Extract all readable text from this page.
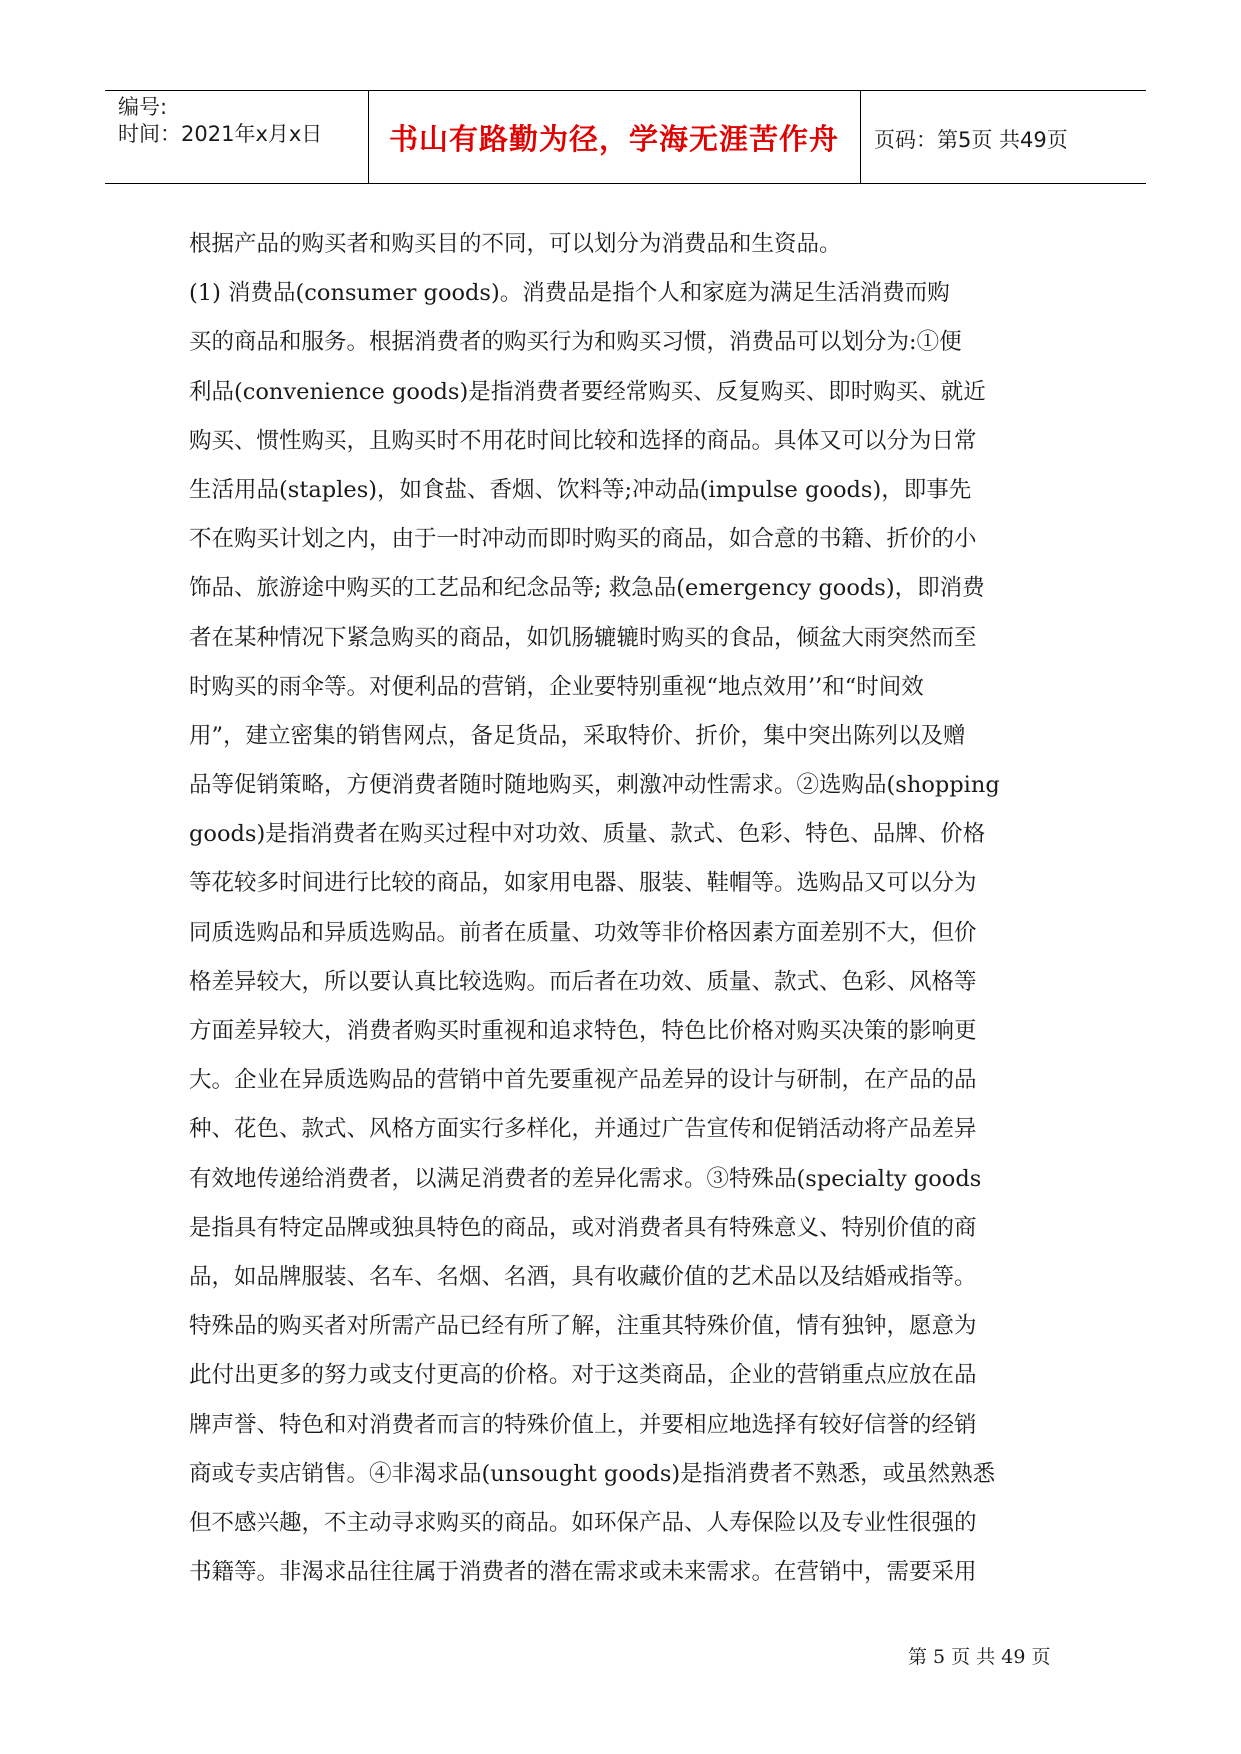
编号:
时间：2021年x月x日	书山有路勤为径，学海无涯苦作舟	页码：第5页 共49页
根据产品的购买者和购买目的不同，可以划分为消费品和生资品。
(1) 消费品(consumer goods)。消费品是指个人和家庭为满足生活消费而购
买的商品和服务。根据消费者的购买行为和购买习惯，消费品可以划分为:①便
利品(convenience goods)是指消费者要经常购买、反复购买、即时购买、就近
购买、惯性购买，且购买时不用花时间比较和选择的商品。具体又可以分为日常
生活用品(staples)，如食盐、香烟、饮料等;冲动品(impulse goods)，即事先
不在购买计划之内，由于一时冲动而即时购买的商品，如合意的书籍、折价的小
饰品、旅游途中购买的工艺品和纪念品等; 救急品(emergency goods)，即消费
者在某种情况下紧急购买的商品，如饥肠辘辘时购买的食品，倾盆大雨突然而至
时购买的雨伞等。对便利品的营销，企业要特别重视“地点效用’’和“时间效
用”，建立密集的销售网点，备足货品，采取特价、折价，集中突出陈列以及赠
品等促销策略，方便消费者随时随地购买，刺激冲动性需求。②选购品(shopping
goods)是指消费者在购买过程中对功效、质量、款式、色彩、特色、品牌、价格
等花较多时间进行比较的商品，如家用电器、服装、鞋帽等。选购品又可以分为
同质选购品和异质选购品。前者在质量、功效等非价格因素方面差别不大，但价
格差异较大，所以要认真比较选购。而后者在功效、质量、款式、色彩、风格等
方面差异较大，消费者购买时重视和追求特色，特色比价格对购买决策的影响更
大。企业在异质选购品的营销中首先要重视产品差异的设计与研制，在产品的品
种、花色、款式、风格方面实行多样化，并通过广告宣传和促销活动将产品差异
有效地传递给消费者，以满足消费者的差异化需求。③特殊品(specialty goods
是指具有特定品牌或独具特色的商品，或对消费者具有特殊意义、特别价值的商
品，如品牌服装、名车、名烟、名酒，具有收藏价值的艺术品以及结婚戒指等。
特殊品的购买者对所需产品已经有所了解，注重其特殊价值，情有独钟，愿意为
此付出更多的努力或支付更高的价格。对于这类商品，企业的营销重点应放在品
牌声誉、特色和对消费者而言的特殊价值上，并要相应地选择有较好信誉的经销
商或专卖店销售。④非渴求品(unsought goods)是指消费者不熟悉，或虽然熟悉
但不感兴趣，不主动寻求购买的商品。如环保产品、人寿保险以及专业性很强的
书籍等。非渴求品往往属于消费者的潜在需求或未来需求。在营销中，需要采用
第 5 页 共 49 页
